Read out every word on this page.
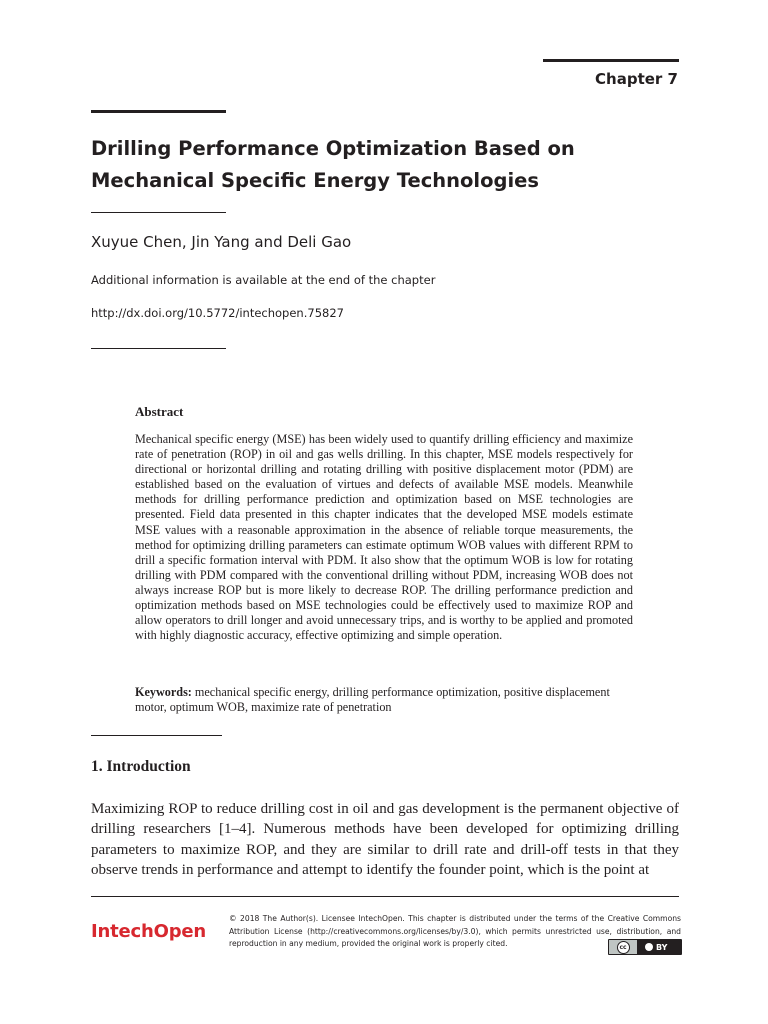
Chapter 7
Drilling Performance Optimization Based on Mechanical Specific Energy Technologies
Xuyue Chen, Jin Yang and Deli Gao
Additional information is available at the end of the chapter
http://dx.doi.org/10.5772/intechopen.75827
Abstract
Mechanical specific energy (MSE) has been widely used to quantify drilling efficiency and maximize rate of penetration (ROP) in oil and gas wells drilling. In this chapter, MSE models respectively for directional or horizontal drilling and rotating drilling with positive displacement motor (PDM) are established based on the evaluation of virtues and defects of available MSE models. Meanwhile methods for drilling performance prediction and optimization based on MSE technologies are presented. Field data presented in this chapter indicates that the developed MSE models estimate MSE values with a reasonable approximation in the absence of reliable torque measurements, the method for optimizing drilling parameters can estimate optimum WOB values with different RPM to drill a specific formation interval with PDM. It also show that the optimum WOB is low for rotating drilling with PDM compared with the conventional drilling without PDM, increasing WOB does not always increase ROP but is more likely to decrease ROP. The drilling performance prediction and optimization methods based on MSE technologies could be effectively used to maximize ROP and allow operators to drill longer and avoid unnecessary trips, and is worthy to be applied and promoted with highly diagnostic accuracy, effective optimizing and simple operation.
Keywords: mechanical specific energy, drilling performance optimization, positive displacement motor, optimum WOB, maximize rate of penetration
1. Introduction
Maximizing ROP to reduce drilling cost in oil and gas development is the permanent objective of drilling researchers [1–4]. Numerous methods have been developed for optimizing drilling parameters to maximize ROP, and they are similar to drill rate and drill-off tests in that they observe trends in performance and attempt to identify the founder point, which is the point at
IntechOpen
© 2018 The Author(s). Licensee IntechOpen. This chapter is distributed under the terms of the Creative Commons Attribution License (http://creativecommons.org/licenses/by/3.0), which permits unrestricted use, distribution, and reproduction in any medium, provided the original work is properly cited.	cc	BY
